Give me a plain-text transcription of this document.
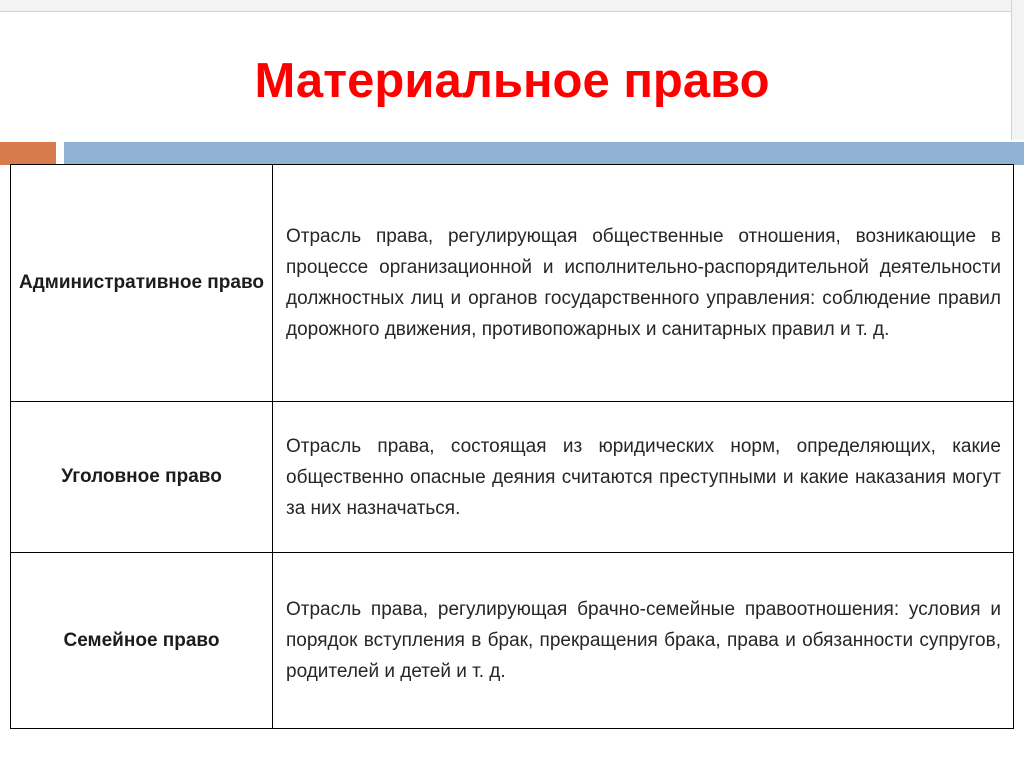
Материальное право
Административное право	Отрасль права, регулирующая общественные отношения, возникающие в процессе организационной и исполнительно-распорядительной деятельности должностных лиц и органов государственного управления: соблюдение правил дорожного движения, противопожарных и санитарных правил и т. д.
Уголовное право	Отрасль права, состоящая из юридических норм, определяющих, какие общественно опасные деяния считаются преступными и какие наказания могут за них назначаться.
Семейное право	Отрасль права, регулирующая брачно-семейные правоотношения: условия и порядок вступления в брак, прекращения брака, права и обязанности супругов, родителей и детей и т. д.
